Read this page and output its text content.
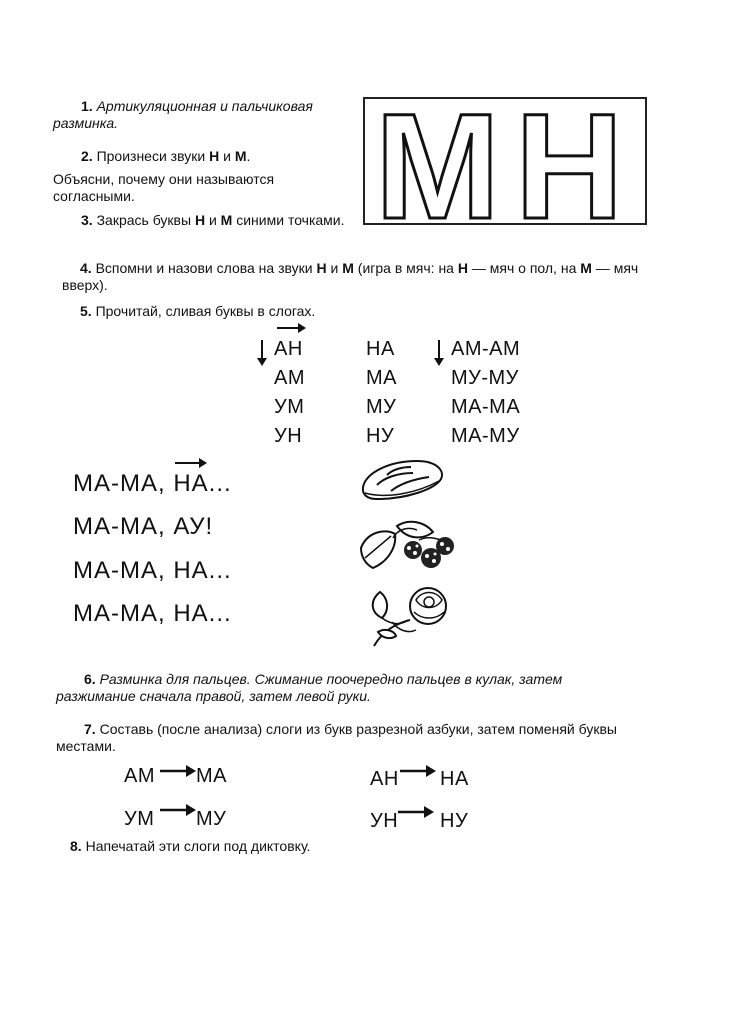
М Н
1. Артикуляционная и пальчиковая разминка.
2. Произнеси звуки Н и М.
Объясни, почему они называются согласными.
3. Закрась буквы Н и М синими точками.
4. Вспомни и назови слова на звуки Н и М (игра в мяч: на Н — мяч о пол, на М — мяч вверх).
5. Прочитай, сливая буквы в слогах.
АН
АМ
УМ
УН
НА
МА
МУ
НУ
АМ-АМ
МУ-МУ
МА-МА
МА-МУ
МА-МА, НА...
МА-МА, АУ!
МА-МА, НА...
МА-МА, НА...
6. Разминка для пальцев. Сжимание поочередно пальцев в кулак, затем разжимание сначала правой, затем левой руки.
7. Составь (после анализа) слоги из букв разрезной азбуки, затем поменяй буквы местами.
АМ МА	АН НА
УМ МУ	УН НУ
8. Напечатай эти слоги под диктовку.
